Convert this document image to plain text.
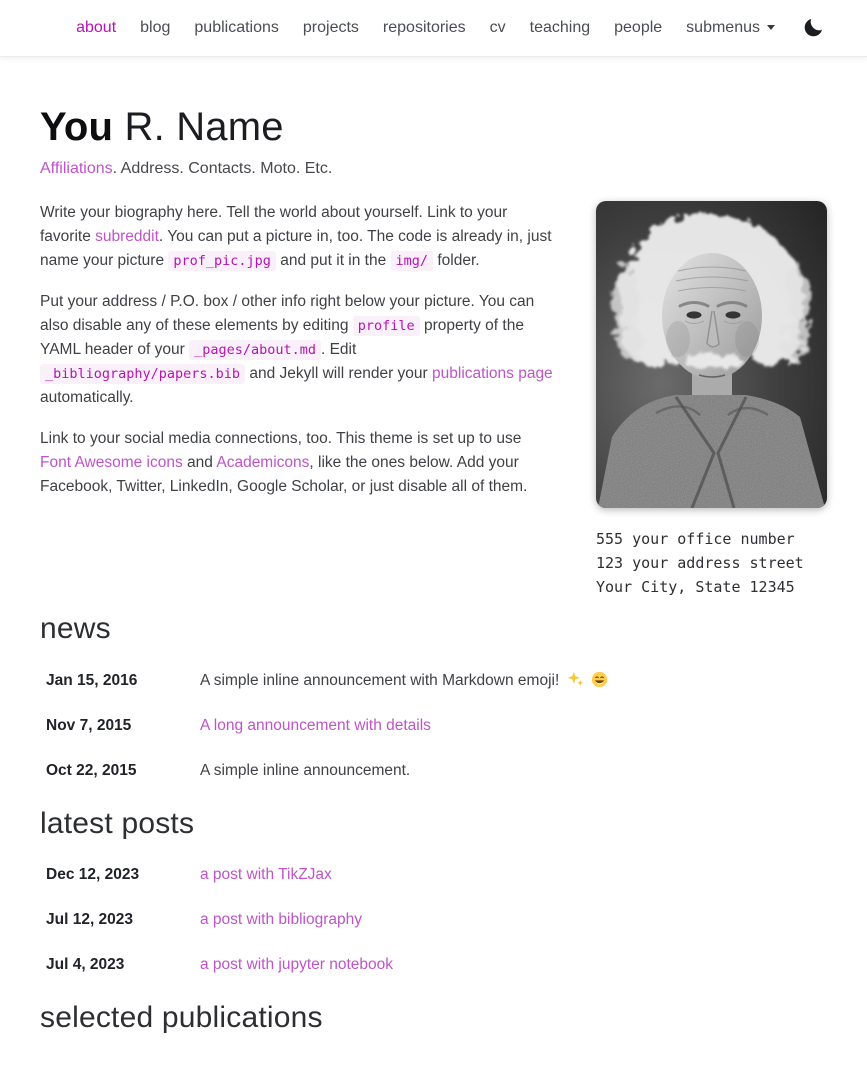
about	blog	publications	projects	repositories	cv	teaching	people	submenus
You R. Name
Affiliations. Address. Contacts. Moto. Etc.

Write your biography here. Tell the world about yourself. Link to your favorite subreddit. You can put a picture in, too. The code is already in, just name your picture prof_pic.jpg and put it in the img/ folder.

Put your address / P.O. box / other info right below your picture. You can also disable any of these elements by editing profile property of the YAML header of your _pages/about.md . Edit _bibliography/papers.bib and Jekyll will render your publications page automatically.

Link to your social media connections, too. This theme is set up to use Font Awesome icons and Academicons, like the ones below. Add your Facebook, Twitter, LinkedIn, Google Scholar, or just disable all of them.

555 your office number
123 your address street
Your City, State 12345
news
Jan 15, 2016	A simple inline announcement with Markdown emoji!
Nov 7, 2015	A long announcement with details
Oct 22, 2015	A simple inline announcement.
latest posts
Dec 12, 2023	a post with TikZJax
Jul 12, 2023	a post with bibliography
Jul 4, 2023	a post with jupyter notebook
selected publications
